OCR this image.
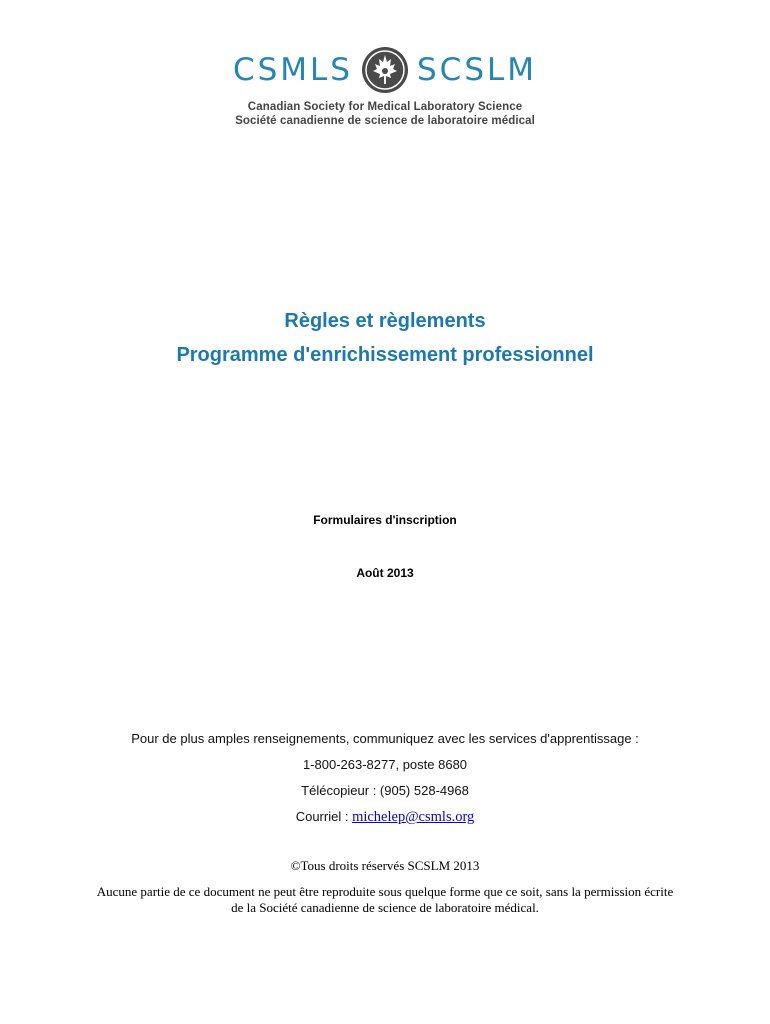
CSMLS SCSLM
Canadian Society for Medical Laboratory Science
Société canadienne de science de laboratoire médical
Règles et règlements
Programme d'enrichissement professionnel
Formulaires d'inscription
Août 2013
Pour de plus amples renseignements, communiquez avec les services d'apprentissage :
1-800-263-8277, poste 8680
Télécopieur : (905) 528-4968
Courriel : michelep@csmls.org
©Tous droits réservés SCSLM 2013
Aucune partie de ce document ne peut être reproduite sous quelque forme que ce soit, sans la permission écrite de la Société canadienne de science de laboratoire médical.
